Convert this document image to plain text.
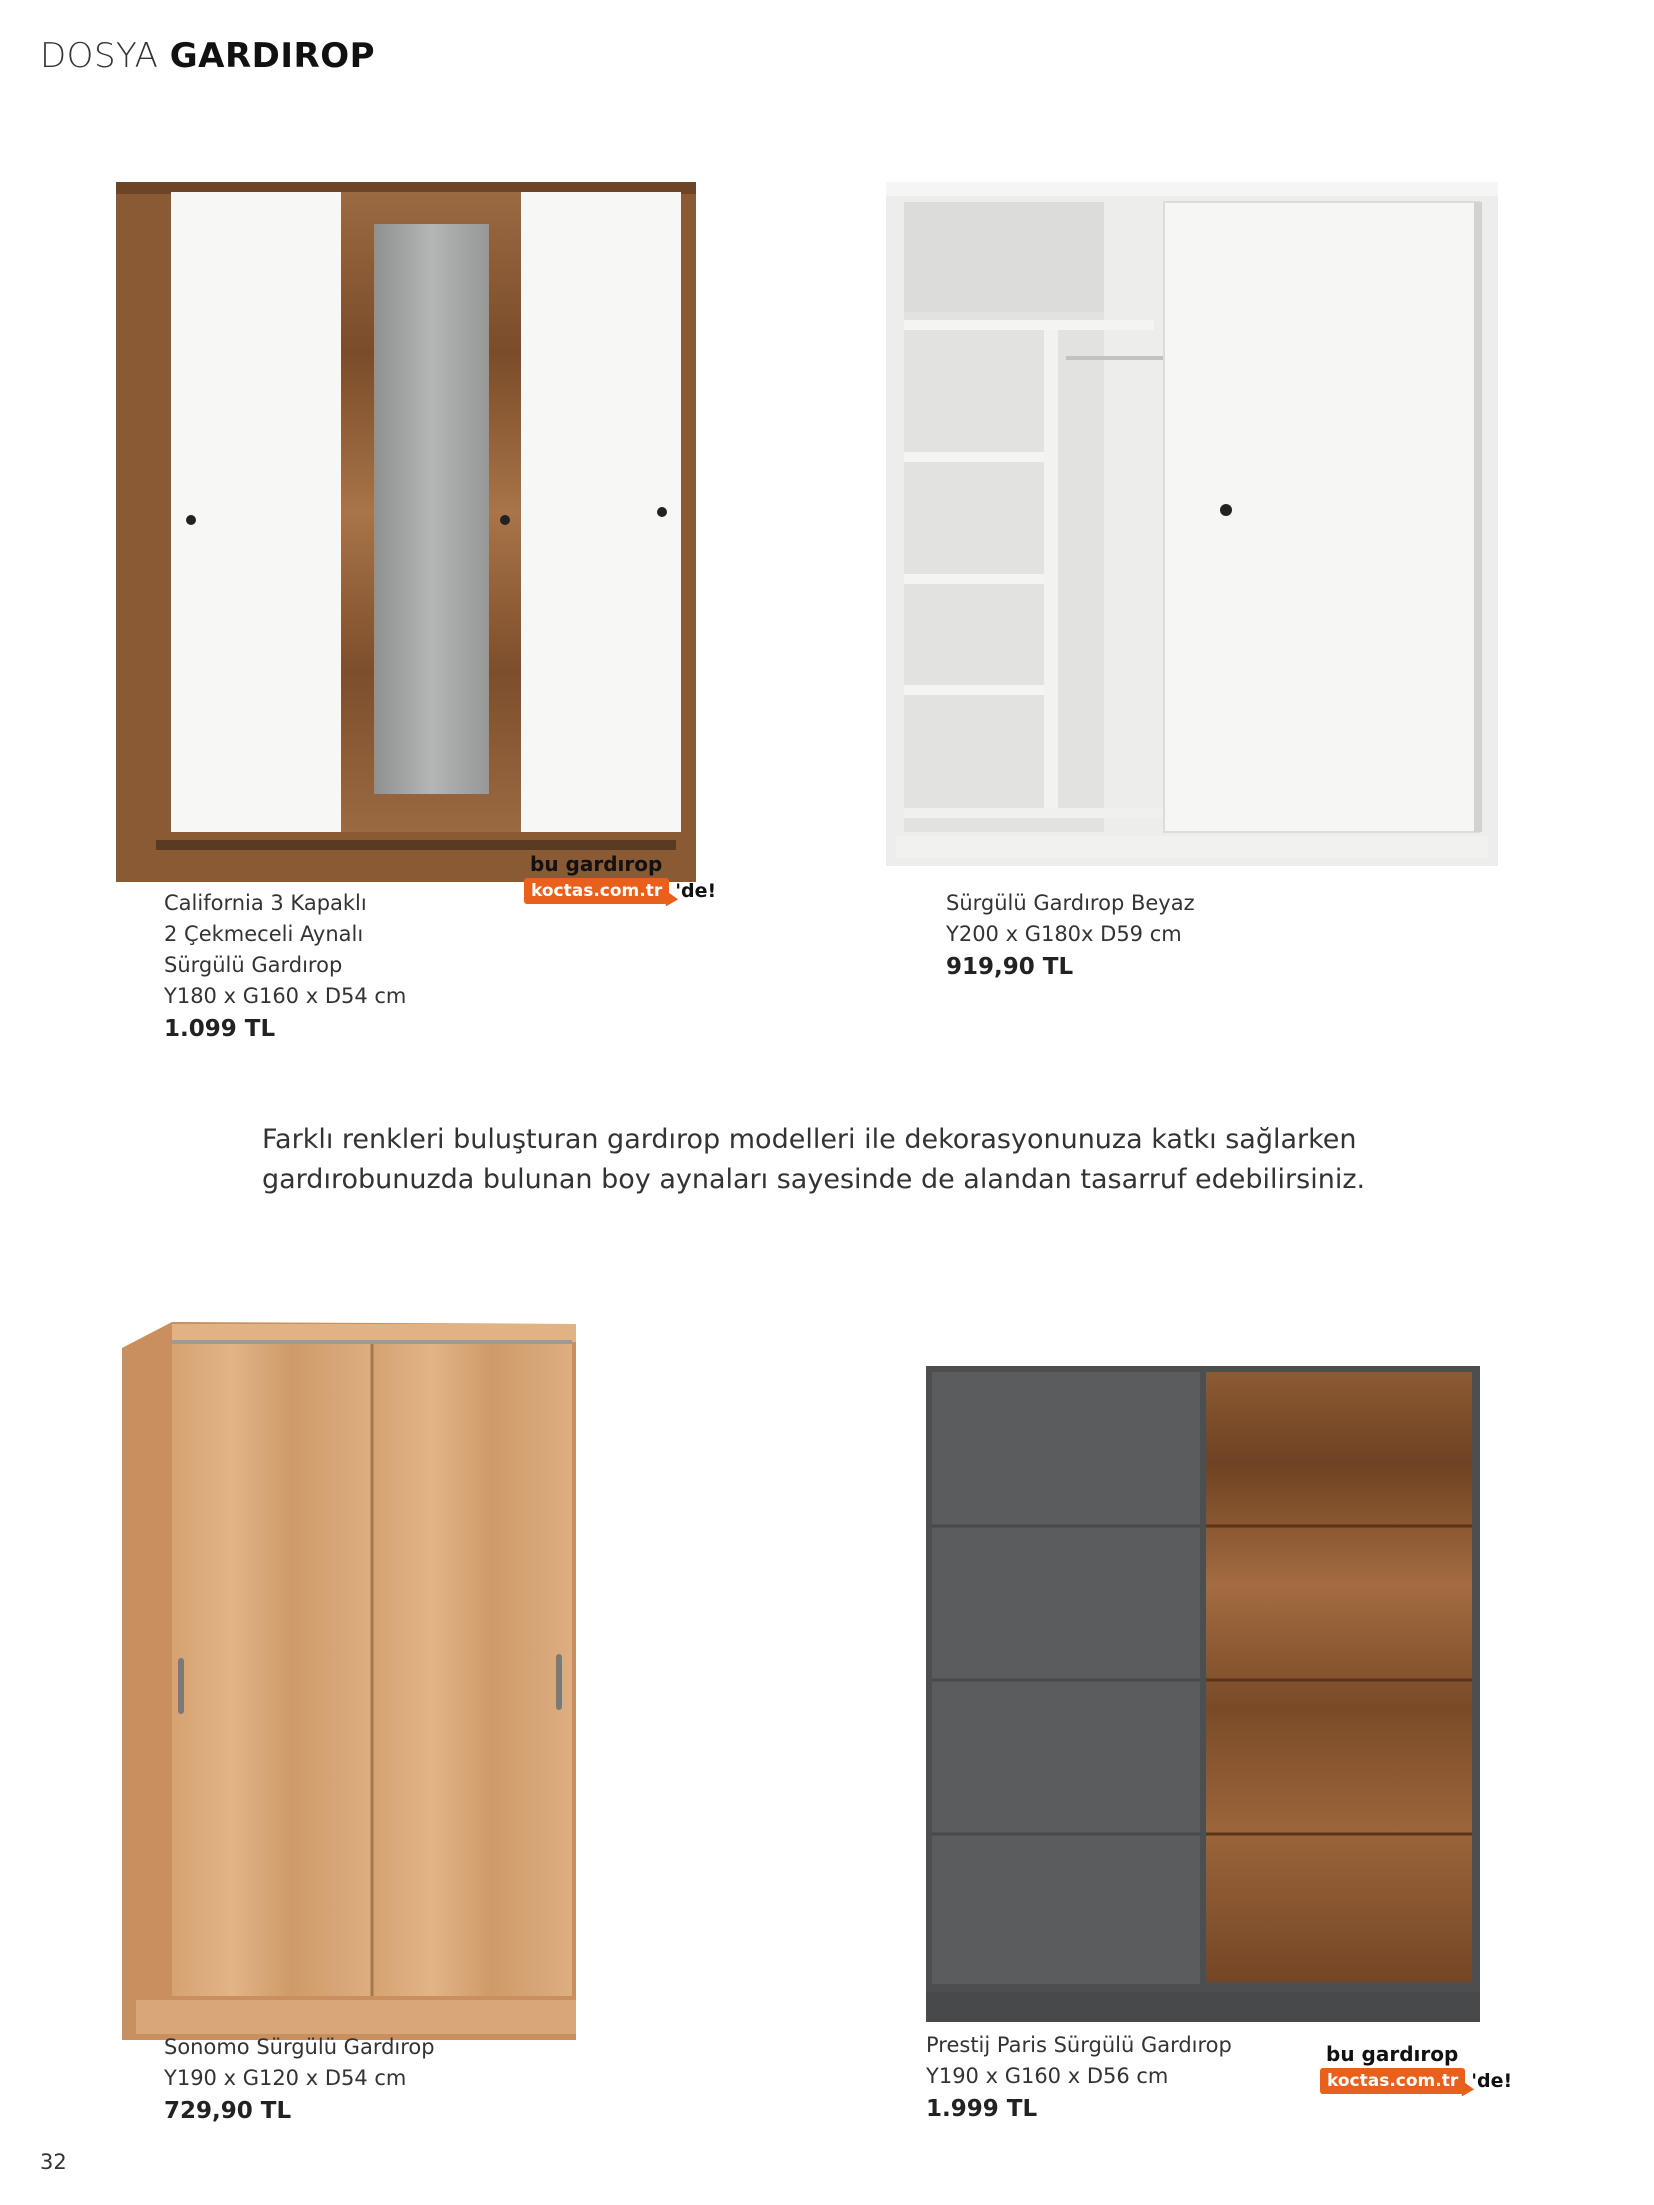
DOSYA GARDIROP
California 3 Kapaklı
2 Çekmeceli Aynalı
Sürgülü Gardırop
Y180 x G160 x D54 cm
1.099 TL
bu gardırop
koctas.com.tr 'de!	Sürgülü Gardırop Beyaz
Y200 x G180x D59 cm
919,90 TL
Farklı renkleri buluşturan gardırop modelleri ile dekorasyonunuza katkı sağlarken
gardırobunuzda bulunan boy aynaları sayesinde de alandan tasarruf edebilirsiniz.
Sonomo Sürgülü Gardırop
Y190 x G120 x D54 cm
729,90 TL
Prestij Paris Sürgülü Gardırop
Y190 x G160 x D56 cm
1.999 TL
bu gardırop
koctas.com.tr 'de!
32
